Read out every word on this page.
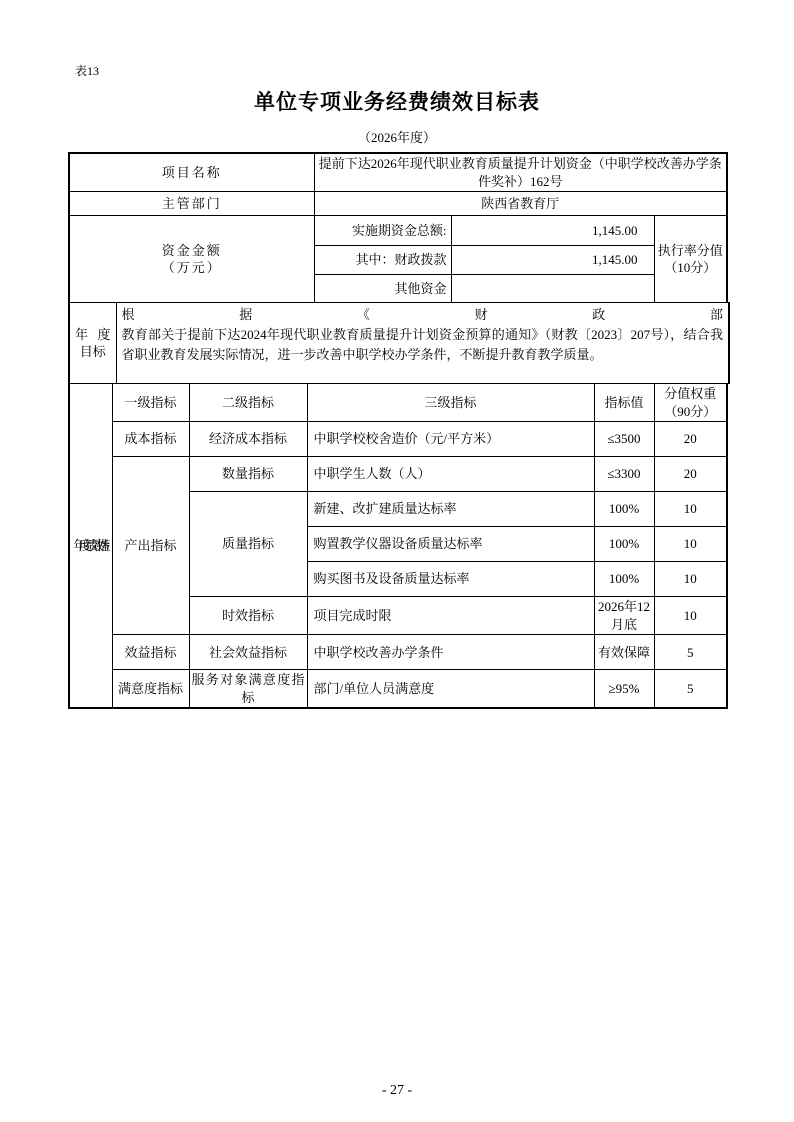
表13
单位专项业务经费绩效目标表
（2026年度）
项目名称	提前下达2026年现代职业教育质量提升计划资金（中职学校改善办学条件奖补）162号		
主管部门	陕西省教育厅		

资金金额
（万元）	实施期资金总额:	1,145.00	执行率分值（10分）
	其中：财政拨款	1,145.00	
	其他资金		
年度目标

根据《财政部
教育部关于提前下达2024年现代职业教育质量提升计划资金预算的通知》（财教〔2023〕207号），结合我省职业教育发展实际情况，进一步改善中职学校办学条件，不断提升教育教学质量。
年度绩效指标	一级指标	二级指标	三级指标	指标值	分值权重（90分）
	成本指标	经济成本指标	中职学校校舍造价（元/平方米）	≤3500	20
	产出指标	数量指标	中职学生人数（人）	≤3300	20
		质量指标	新建、改扩建质量达标率	100%	10
			购置教学仪器设备质量达标率	100%	10
			购买图书及设备质量达标率	100%	10
		时效指标	项目完成时限	2026年12月底	10
	效益指标	社会效益指标	中职学校改善办学条件	有效保障	5
	满意度指标	服务对象满意度指标	部门/单位人员满意度	≥95%	5
- 27 -
